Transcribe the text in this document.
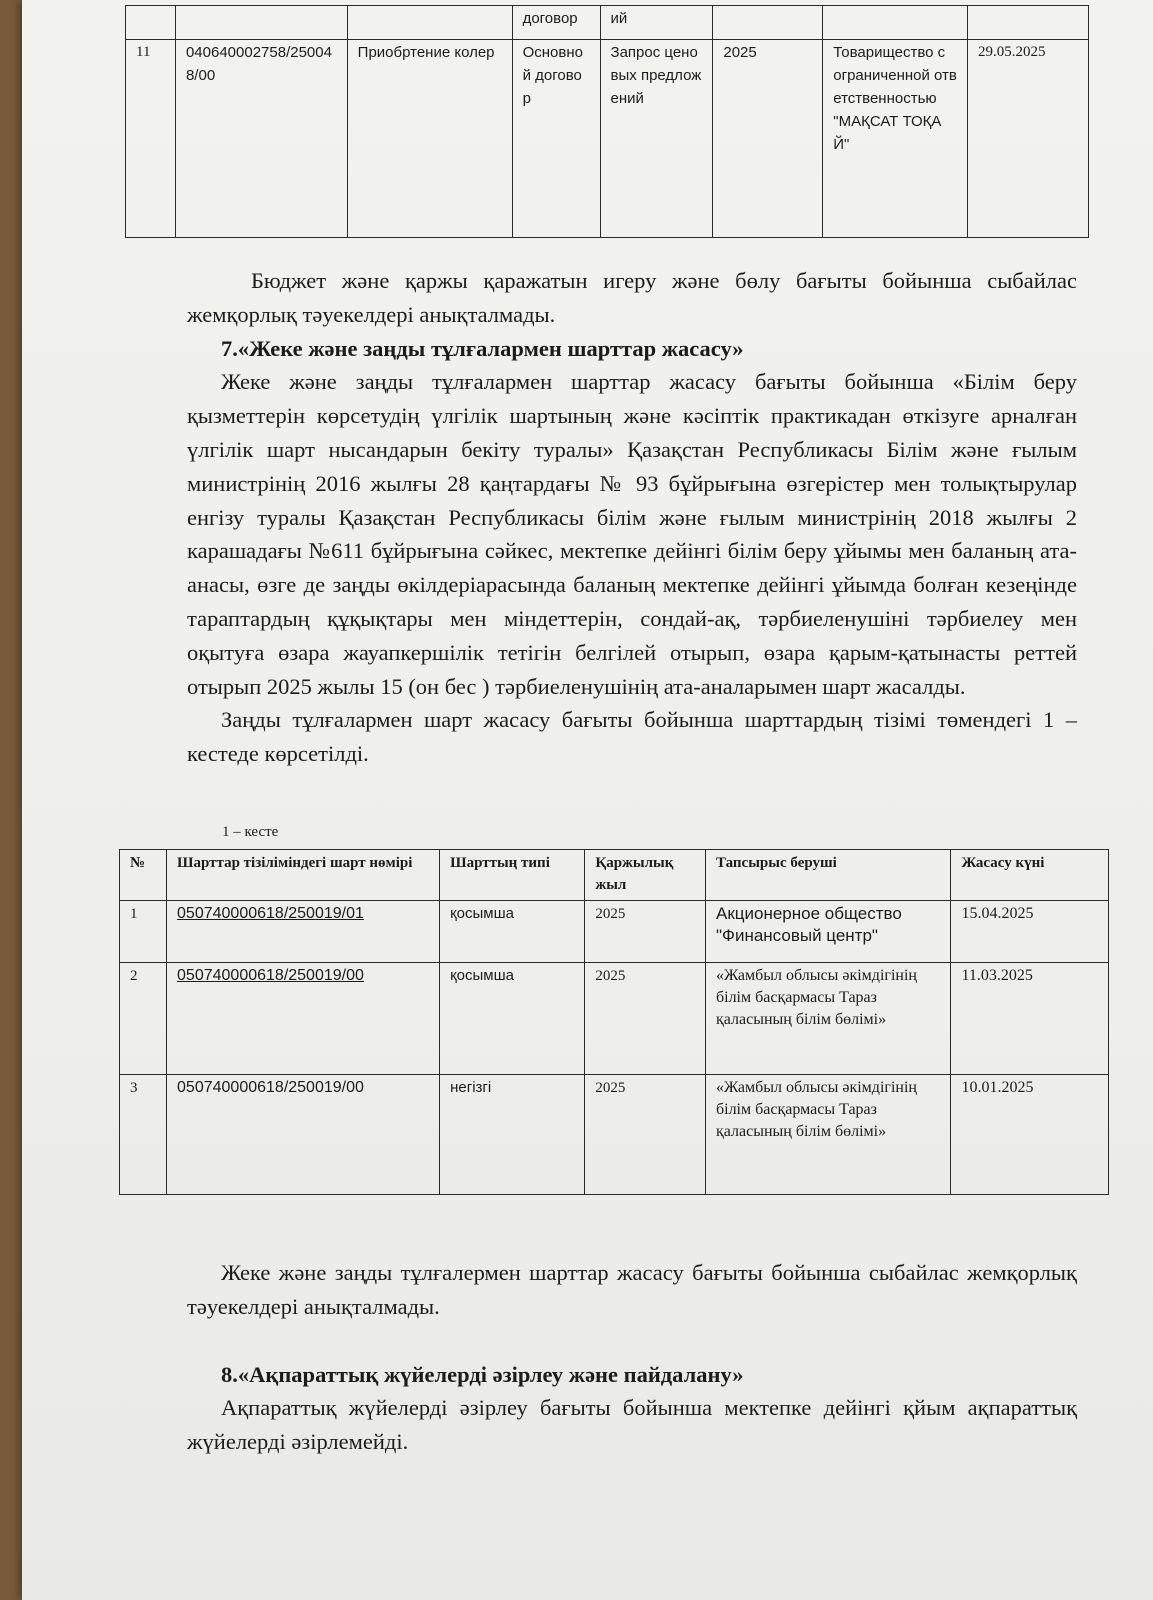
			договор	ий			
11	040640002758/250048/00	Приобртение колер	Основной договор	Запрос ценовых предложений	2025	Товарищество с ограниченной ответственностью "МАҚСАТ ТОҚАЙ"	29.05.2025

Бюджет және қаржы қаражатын игеру және бөлу бағыты бойынша сыбайлас жемқорлық тәуекелдері анықталмады.

7.«Жеке және заңды тұлғалармен шарттар жасасу»

Жеке және заңды тұлғалармен шарттар жасасу бағыты бойынша «Білім беру қызметтерін көрсетудің үлгілік шартының және кәсіптік практикадан өткізуге арналған үлгілік шарт нысандарын бекіту туралы» Қазақстан Республикасы Білім және ғылым министрінің 2016 жылғы 28 қаңтардағы № 93 бұйрығына өзгерістер мен толықтырулар енгізу туралы Қазақстан Республикасы білім және ғылым министрінің 2018 жылғы 2 карашадағы №611 бұйрығына сәйкес, мектепке дейінгі білім беру ұйымы мен баланың ата-анасы, өзге де заңды өкілдеріарасында баланың мектепке дейінгі ұйымда болған кезеңінде тараптардың құқықтары мен міндеттерін, сондай-ақ, тәрбиеленушіні тәрбиелеу мен оқытуға өзара жауапкершілік тетігін белгілей отырып, өзара қарым-қатынасты реттей отырып 2025 жылы 15 (он бес ) тәрбиеленушінің ата-аналарымен шарт жасалды.

Заңды тұлғалармен шарт жасасу бағыты бойынша шарттардың тізімі төмендегі 1 – кестеде көрсетілді.

1 – кесте
№	Шарттар тізіліміндегі шарт нөмірі	Шарттың типі	Қаржылық жыл	Тапсырыс беруші	Жасасу күні
1	050740000618/250019/01	қосымша	2025	Акционерное общество "Финансовый центр"	15.04.2025
2	050740000618/250019/00	қосымша	2025	«Жамбыл облысы әкімдігінің білім басқармасы Тараз қаласының білім бөлімі»	11.03.2025
3	050740000618/250019/00	негізгі	2025	«Жамбыл облысы әкімдігінің білім басқармасы Тараз қаласының білім бөлімі»	10.01.2025

Жеке және заңды тұлғалермен шарттар жасасу бағыты бойынша сыбайлас жемқорлық тәуекелдері анықталмады.

8.«Ақпараттық жүйелерді әзірлеу және пайдалану»

Ақпараттық жүйелерді әзірлеу бағыты бойынша мектепке дейінгі қйым ақпараттық жүйелерді әзірлемейді.
